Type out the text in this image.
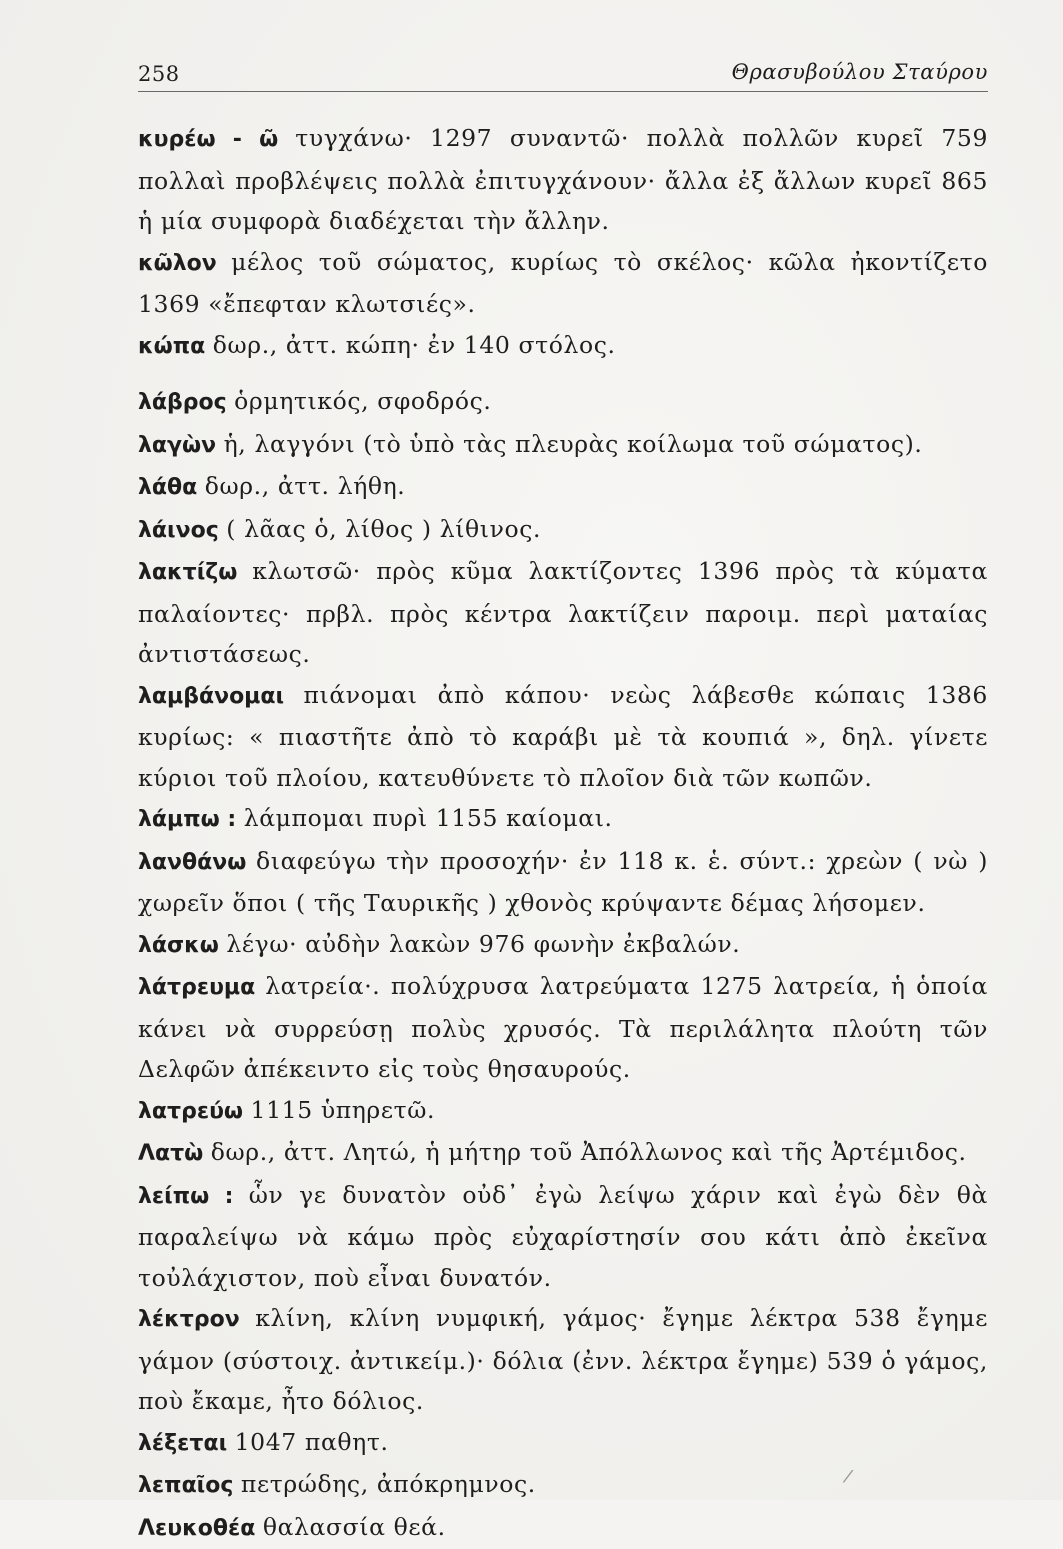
258	Θρασυβούλου Σταύρου

κυρέω - ῶ τυγχάνω· 1297 συναντῶ· πολλὰ πολλῶν κυρεῖ 759 πολλαὶ προβλέψεις πολλὰ ἐπιτυγχάνουν· ἄλλα ἐξ ἄλλων κυρεῖ 865 ἡ μία συμφορὰ διαδέχεται τὴν ἄλλην.

κῶλον μέλος τοῦ σώματος, κυρίως τὸ σκέλος· κῶλα ἠκοντίζετο 1369 «ἔπεφταν κλωτσιές».

κώπα δωρ., ἀττ. κώπη· ἐν 140 στόλος.

λάβρος ὁρμητικός, σφοδρός.

λαγὼν ἡ, λαγγόνι (τὸ ὑπὸ τὰς πλευρὰς κοίλωμα τοῦ σώματος).

λάθα δωρ., ἀττ. λήθη.

λάινος ( λᾶας ὁ, λίθος ) λίθινος.

λακτίζω κλωτσῶ· πρὸς κῦμα λακτίζοντες 1396 πρὸς τὰ κύματα παλαίοντες· πρβλ. πρὸς κέντρα λακτίζειν παροιμ. περὶ ματαίας ἀντιστάσεως.

λαμβάνομαι πιάνομαι ἀπὸ κάπου· νεὼς λάβεσθε κώπαις 1386 κυρίως: « πιαστῆτε ἀπὸ τὸ καράβι μὲ τὰ κουπιά », δηλ. γίνετε κύριοι τοῦ πλοίου, κατευθύνετε τὸ πλοῖον διὰ τῶν κωπῶν.

λάμπω : λάμπομαι πυρὶ 1155 καίομαι.

λανθάνω διαφεύγω τὴν προσοχήν· ἐν 118 κ. ἑ. σύντ.: χρεὼν ( νὼ ) χωρεῖν ὅποι ( τῆς Ταυρικῆς ) χθονὸς κρύψαντε δέμας λήσομεν.

λάσκω λέγω· αὐδὴν λακὼν 976 φωνὴν ἐκβαλών.

λάτρευμα λατρεία·. πολύχρυσα λατρεύματα 1275 λατρεία, ἡ ὁποία κάνει νὰ συρρεύσῃ πολὺς χρυσός. Τὰ περιλάλητα πλούτη τῶν Δελφῶν ἀπέκειντο εἰς τοὺς θησαυρούς.

λατρεύω 1115 ὑπηρετῶ.

Λατὼ δωρ., ἀττ. Λητώ, ἡ μήτηρ τοῦ Ἀπόλλωνος καὶ τῆς Ἀρτέμιδος.

λείπω : ὧν γε δυνατὸν οὐδ᾿ ἐγὼ λείψω χάριν καὶ ἐγὼ δὲν θὰ παραλείψω νὰ κάμω πρὸς εὐχαρίστησίν σου κάτι ἀπὸ ἐκεῖνα τοὐλάχιστον, ποὺ εἶναι δυνατόν.

λέκτρον κλίνη, κλίνη νυμφική, γάμος· ἔγημε λέκτρα 538 ἔγημε γάμον (σύστοιχ. ἀντικείμ.)· δόλια (ἐνν. λέκτρα ἔγημε) 539 ὁ γάμος, ποὺ ἔκαμε, ἦτο δόλιος.

λέξεται 1047 παθητ.

λεπαῖος πετρώδης, ἀπόκρημνος.

Λευκοθέα θαλασσία θεά.

/
